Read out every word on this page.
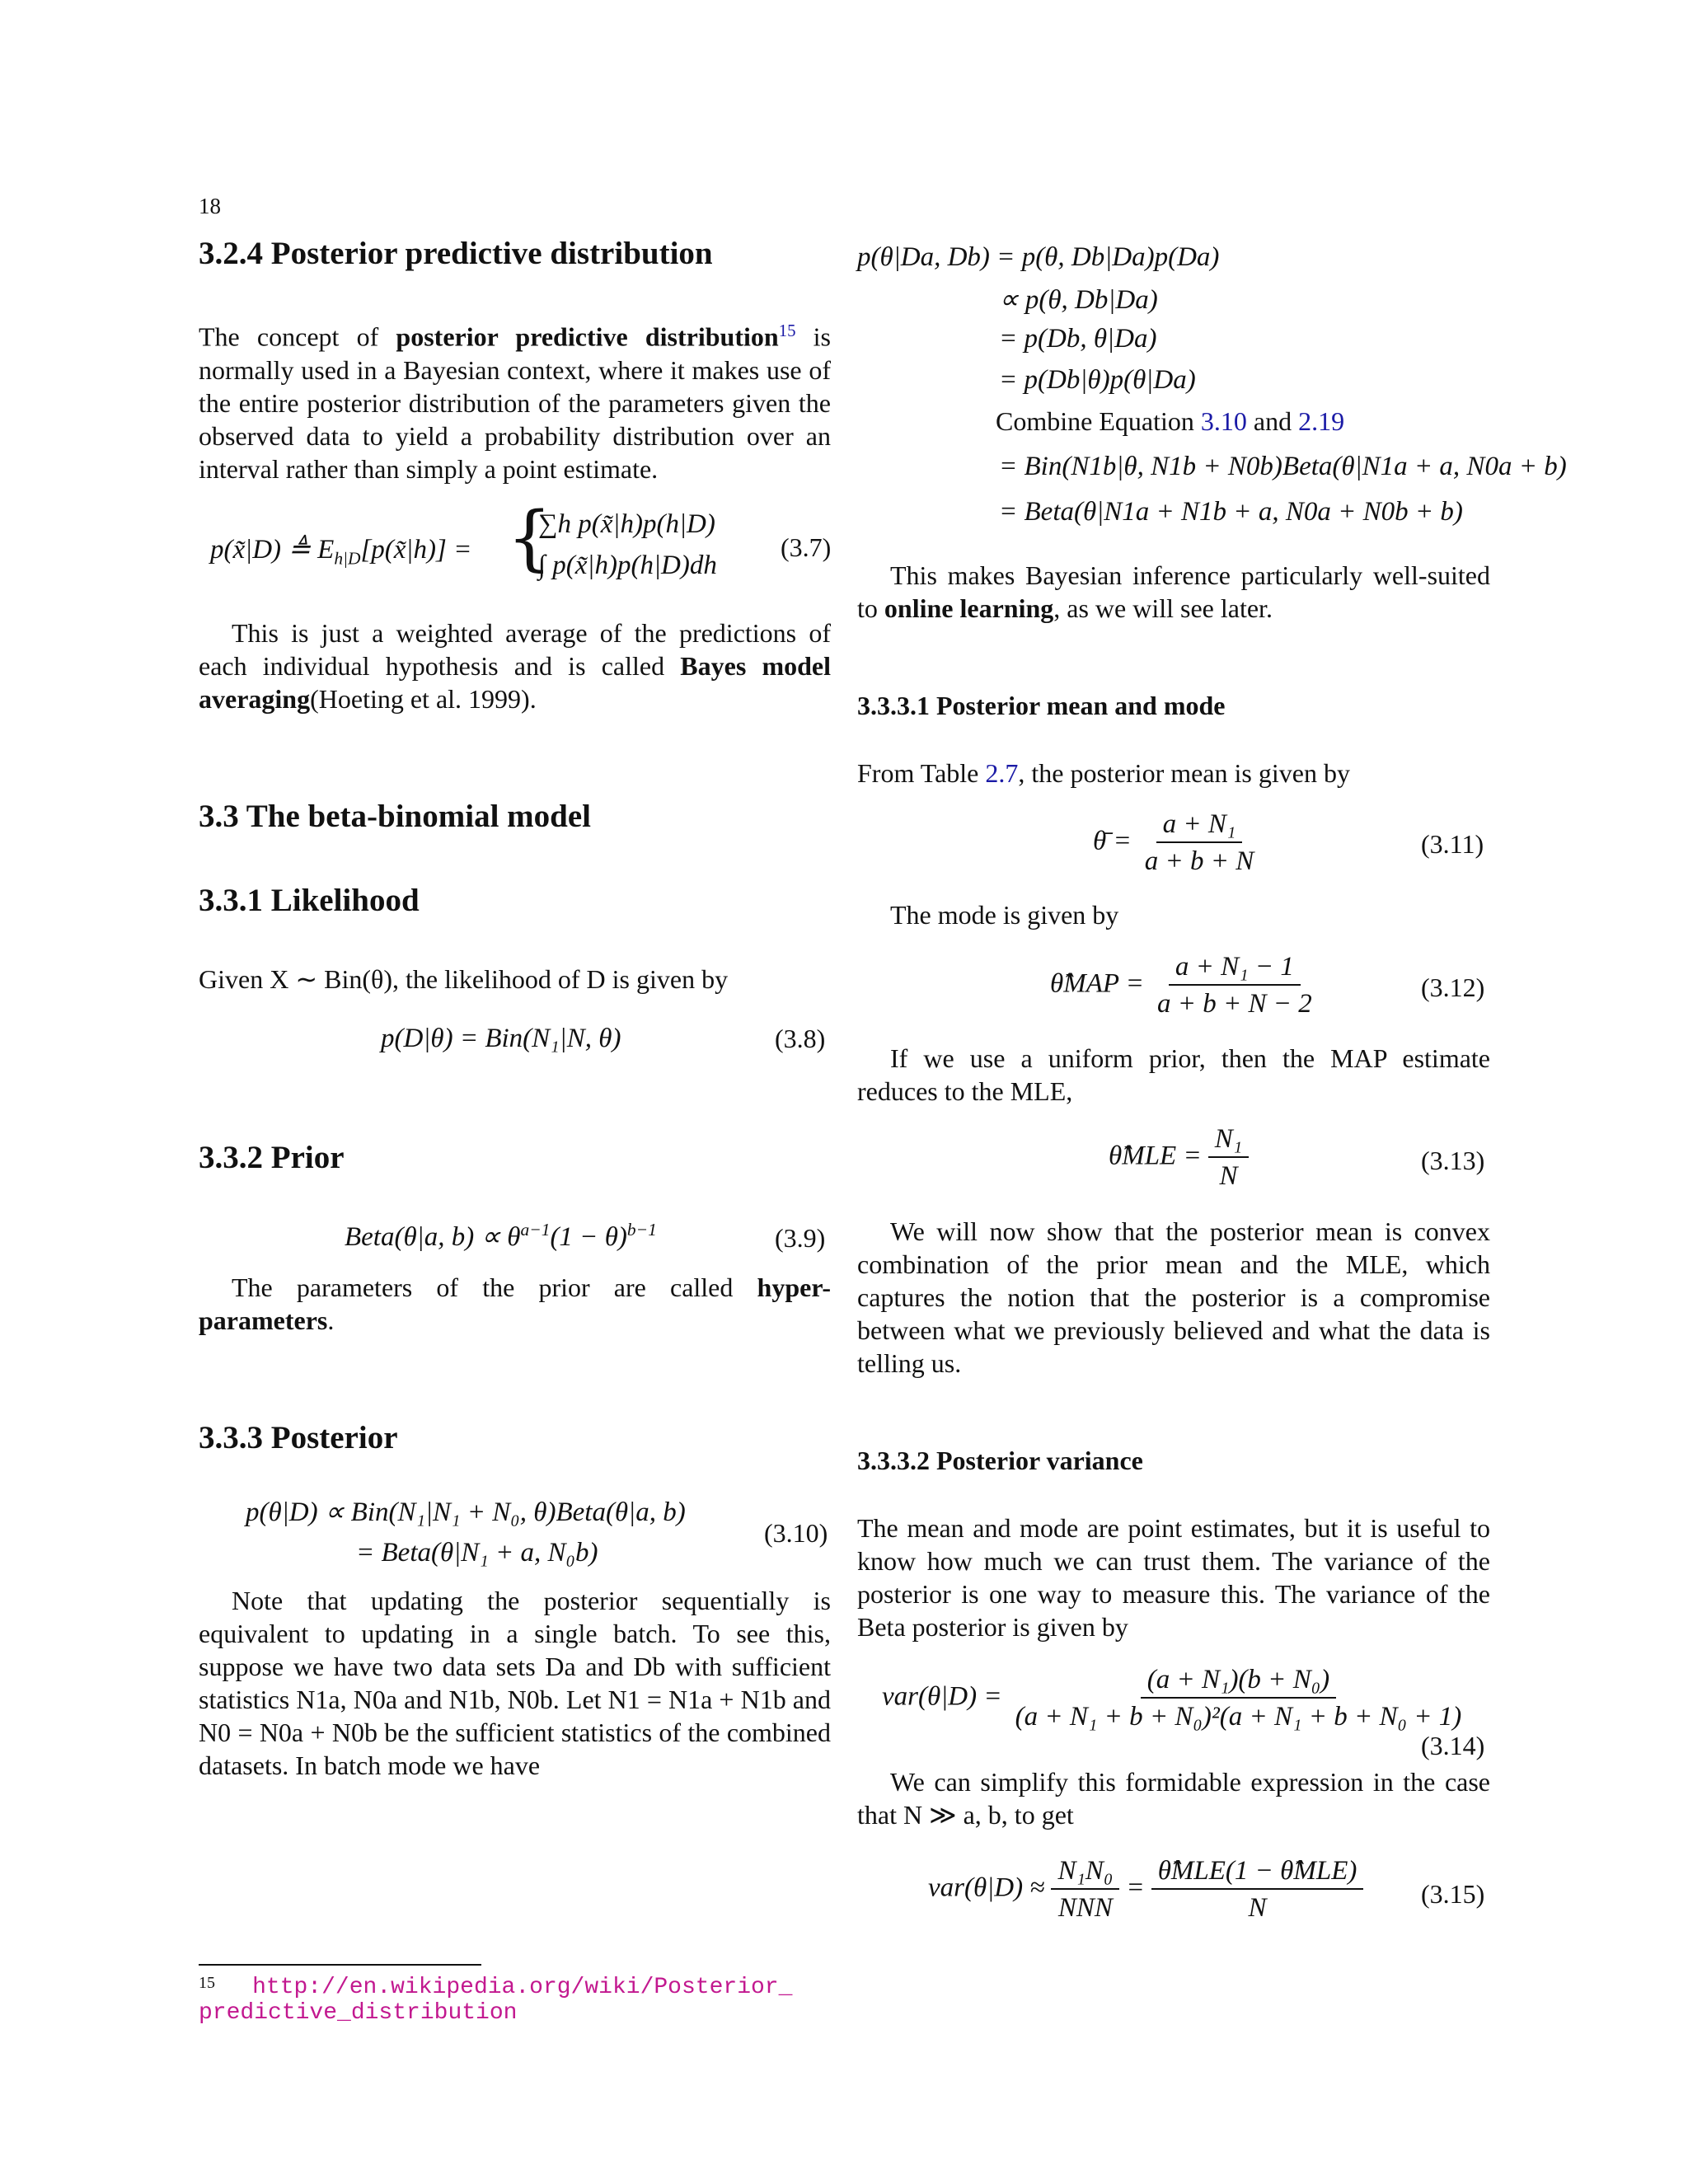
18
3.2.4 Posterior predictive distribution
The concept of posterior predictive distribution$^{15}$ is normally used in a Bayesian context, where it makes use of the entire posterior distribution of the parameters given the observed data to yield a probability distribution over an interval rather than simply a point estimate.
p(x̃|D) ≜ $E_{h|D}[p(x̃|h)]$ = {
∑h p(x̃|h)p(h|D)
∫ p(x̃|h)p(h|D)dh
(3.7)
This is just a weighted average of the predictions of each individual hypothesis and is called Bayes model averaging(Hoeting et al. 1999).
3.3 The beta-binomial model
3.3.1 Likelihood
Given X ∼ Bin(θ), the likelihood of D is given by
p(D|θ) = Bin(N₁|N, θ)	(3.8)
3.3.2 Prior
Beta(θ|a, $b) \propto \theta^{a-1}(1 - \theta)^{b-1}$	(3.9)
The parameters of the prior are called hyper-parameters.
3.3.3 Posterior
p(θ|D) ∝ Bin(N₁|N₁ + N₀, θ)Beta(θ|a, b)
= Beta(θ|N₁ + a, N₀b)
(3.10)
Note that updating the posterior sequentially is equivalent to updating in a single batch. To see this, suppose we have two data sets Da and Db with sufficient statistics N1a, N0a and N1b, N0b. Let N1 = N1a + N1b and N0 = N0a + N0b be the sufficient statistics of the combined datasets. In batch mode we have
$^{15}$ http://en.wikipedia.org/wiki/Posterior_
predictive_distribution
p(θ|Da, Db) = p(θ, Db|Da)p(Da)
∝ p(θ, Db|Da)
= p(Db, θ|Da)
= p(Db|θ)p(θ|Da)
Combine Equation 3.10 and 2.19
= Bin(N1b|θ, N1b + N0b)Beta(θ|N1a + a, N0a + b)
= Beta(θ|N1a + N1b + a, N0a + N0b + b)
This makes Bayesian inference particularly well-suited to online learning, as we will see later.
3.3.3.1 Posterior mean and mode
From Table 2.7, the posterior mean is given by
θ̄ = $\frac{\text{a + N₁}}{a + b + N}$	(3.11)
The mode is given by
θ̂MAP = $\frac{\text{a + N₁ − 1}}{a + b + N - 2}$	(3.12)
If we use a uniform prior, then the MAP estimate reduces to the MLE,
θ̂MLE = $\frac{\text{N₁}}{N}$	(3.13)
We will now show that the posterior mean is convex combination of the prior mean and the MLE, which captures the notion that the posterior is a compromise between what we previously believed and what the data is telling us.
3.3.3.2 Posterior variance
The mean and mode are point estimates, but it is useful to know how much we can trust them. The variance of the posterior is one way to measure this. The variance of the Beta posterior is given by
$var(\theta|D) = \frac{\text{(a + N₁)(b + N₀)}}{\text{(a + N₁ + b + N₀)²(a + N₁ + b + N₀ + 1)}}$
(3.14)
We can simplify this formidable expression in the case that N ≫ a, b, to get
$var(\theta|D) \approx \frac{\text{N₁N₀}}{\text{NNN}} = \frac{\text{θ̂MLE(1 − θ̂MLE)}}{N} (3.15)$
